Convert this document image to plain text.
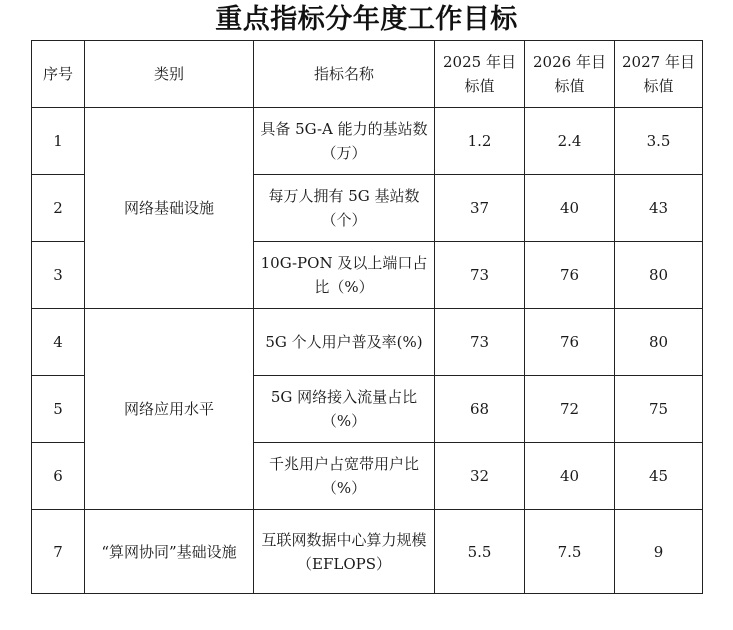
重点指标分年度工作目标
序号	类别	指标名称	2025 年目标值	2026 年目标值	2027 年目标值
1	网络基础设施	具备 5G-A 能力的基站数（万）	1.2	2.4	3.5
2		每万人拥有 5G 基站数（个）	37	40	43
3		10G-PON 及以上端口占比（%）	73	76	80
4	网络应用水平	5G 个人用户普及率(%)	73	76	80
5		5G 网络接入流量占比（%）	68	72	75
6		千兆用户占宽带用户比（%）	32	40	45
7	“算网协同”基础设施	互联网数据中心算力规模（EFLOPS）	5.5	7.5	9
